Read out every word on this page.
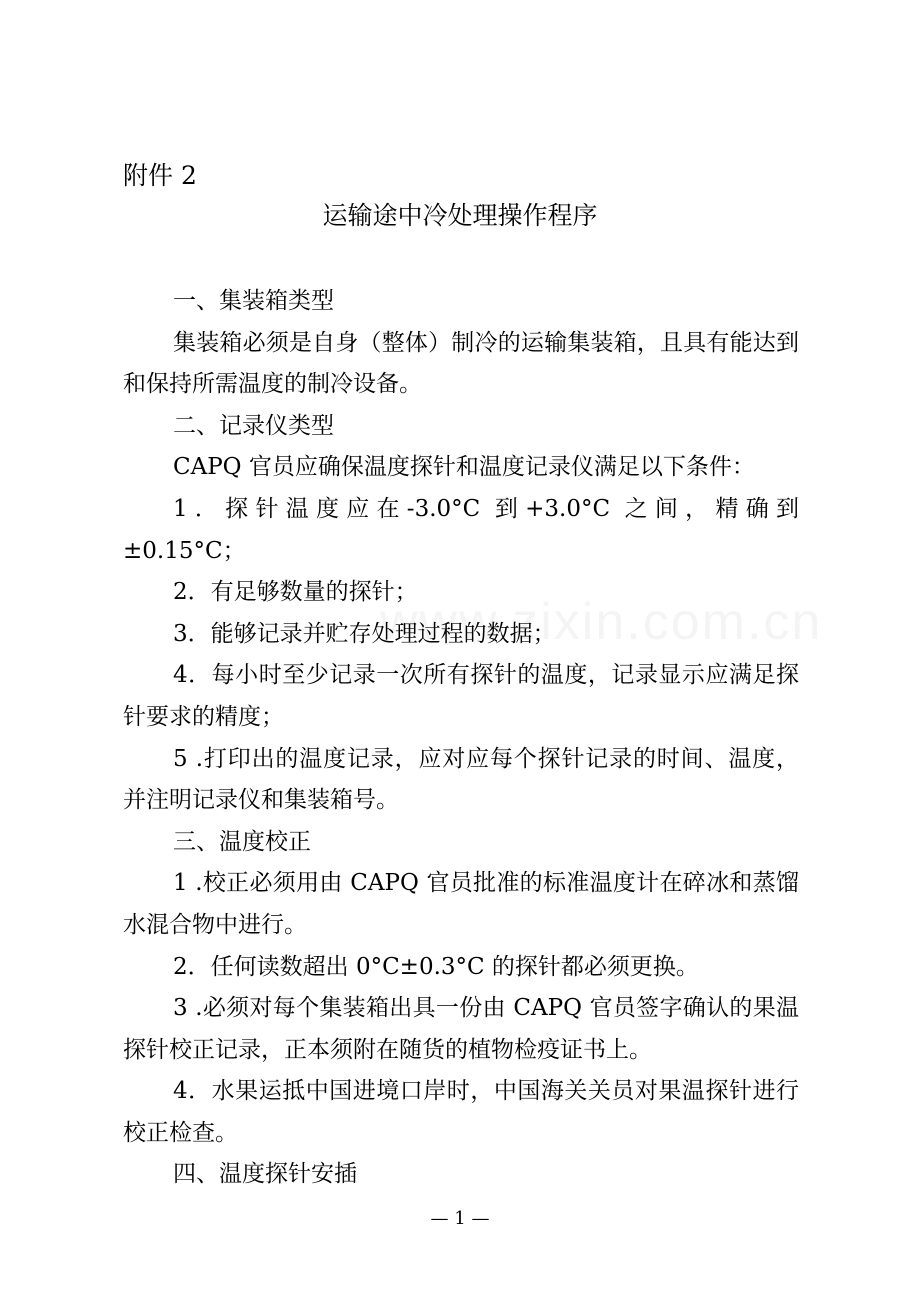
附件 2
运输途中冷处理操作程序

一、集装箱类型

集装箱必须是自身（整体）制冷的运输集装箱，且具有能达到和保持所需温度的制冷设备。

二、记录仪类型

CAPQ 官员应确保温度探针和温度记录仪满足以下条件：

1．探针温度应在-3.0°C 到+3.0°C 之间，精确到±0.15°C；

2．有足够数量的探针；

3．能够记录并贮存处理过程的数据；

4．每小时至少记录一次所有探针的温度，记录显示应满足探针要求的精度；

5 .打印出的温度记录，应对应每个探针记录的时间、温度，并注明记录仪和集装箱号。

三、温度校正

1 .校正必须用由 CAPQ 官员批准的标准温度计在碎冰和蒸馏水混合物中进行。

2．任何读数超出 0°C±0.3°C 的探针都必须更换。

3 .必须对每个集装箱出具一份由 CAPQ 官员签字确认的果温探针校正记录，正本须附在随货的植物检疫证书上。

4．水果运抵中国进境口岸时，中国海关关员对果温探针进行校正检查。

四、温度探针安插

— 1 —
